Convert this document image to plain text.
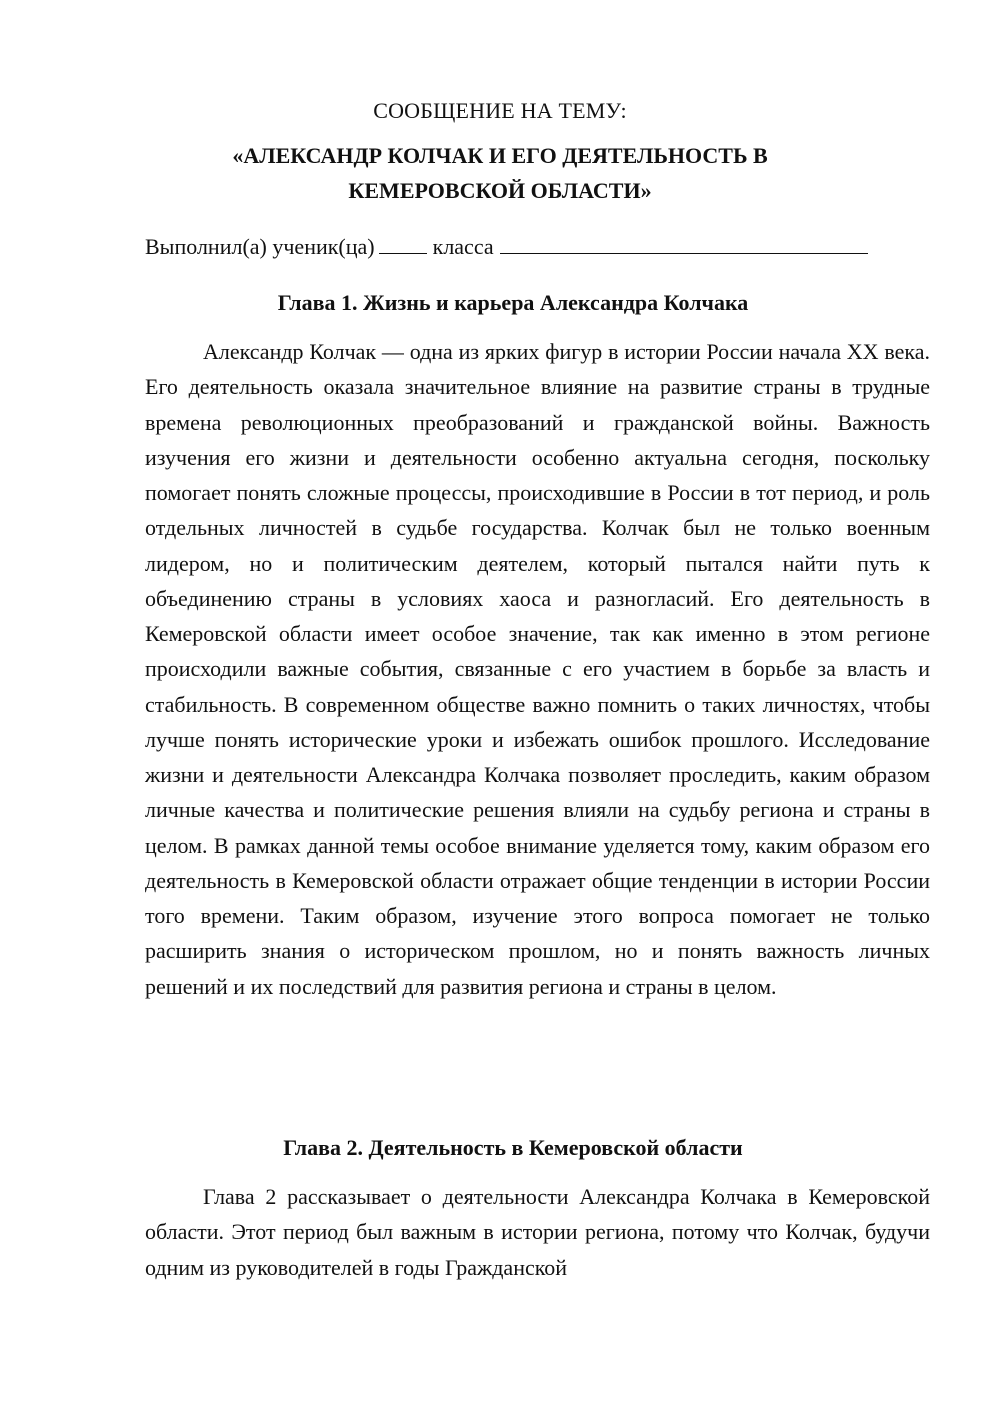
СООБЩЕНИЕ НА ТЕМУ:
«АЛЕКСАНДР КОЛЧАК И ЕГО ДЕЯТЕЛЬНОСТЬ В
КЕМЕРОВСКОЙ ОБЛАСТИ»
Выполнил(а) ученик(ца)	класса
Глава 1. Жизнь и карьера Александра Колчака

Александр Колчак — одна из ярких фигур в истории России начала XX века. Его деятельность оказала значительное влияние на развитие страны в трудные времена революционных преобразований и гражданской войны. Важность изучения его жизни и деятельности особенно актуальна сегодня, поскольку помогает понять сложные процессы, происходившие в России в тот период, и роль отдельных личностей в судьбе государства. Колчак был не только военным лидером, но и политическим деятелем, который пытался найти путь к объединению страны в условиях хаоса и разногласий. Его деятельность в Кемеровской области имеет особое значение, так как именно в этом регионе происходили важные события, связанные с его участием в борьбе за власть и стабильность. В современном обществе важно помнить о таких личностях, чтобы лучше понять исторические уроки и избежать ошибок прошлого. Исследование жизни и деятельности Александра Колчака позволяет проследить, каким образом личные качества и политические решения влияли на судьбу региона и страны в целом. В рамках данной темы особое внимание уделяется тому, каким образом его деятельность в Кемеровской области отражает общие тенденции в истории России того времени. Таким образом, изучение этого вопроса помогает не только расширить знания о историческом прошлом, но и понять важность личных решений и их последствий для развития региона и страны в целом.

Глава 2. Деятельность в Кемеровской области

Глава 2 рассказывает о деятельности Александра Колчака в Кемеровской области. Этот период был важным в истории региона, потому что Колчак, будучи одним из руководителей в годы Гражданской
